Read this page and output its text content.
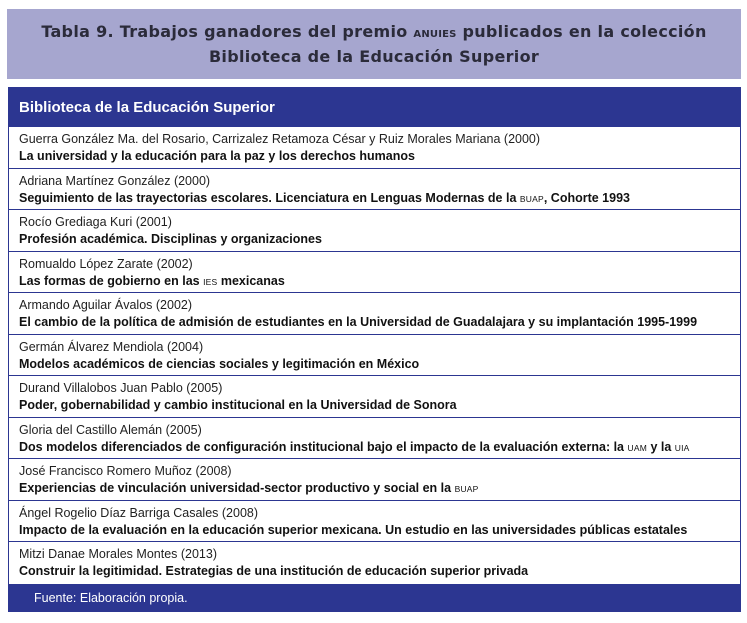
Tabla 9. Trabajos ganadores del premio ANUIES publicados en la colección
Biblioteca de la Educación Superior
Biblioteca de la Educación Superior
Guerra González Ma. del Rosario, Carrizalez Retamoza César y Ruiz Morales Mariana (2000)
La universidad y la educación para la paz y los derechos humanos
Adriana Martínez González (2000)
Seguimiento de las trayectorias escolares. Licenciatura en Lenguas Modernas de la BUAP, Cohorte 1993
Rocío Grediaga Kuri (2001)
Profesión académica. Disciplinas y organizaciones
Romualdo López Zarate (2002)
Las formas de gobierno en las IES mexicanas
Armando Aguilar Ávalos (2002)
El cambio de la política de admisión de estudiantes en la Universidad de Guadalajara y su implantación 1995-1999
Germán Álvarez Mendiola (2004)
Modelos académicos de ciencias sociales y legitimación en México
Durand Villalobos Juan Pablo (2005)
Poder, gobernabilidad y cambio institucional en la Universidad de Sonora
Gloria del Castillo Alemán (2005)
Dos modelos diferenciados de configuración institucional bajo el impacto de la evaluación externa: la UAM y la UIA
José Francisco Romero Muñoz (2008)
Experiencias de vinculación universidad-sector productivo y social en la BUAP
Ángel Rogelio Díaz Barriga Casales (2008)
Impacto de la evaluación en la educación superior mexicana. Un estudio en las universidades públicas estatales
Mitzi Danae Morales Montes (2013)
Construir la legitimidad. Estrategias de una institución de educación superior privada
Fuente: Elaboración propia.
